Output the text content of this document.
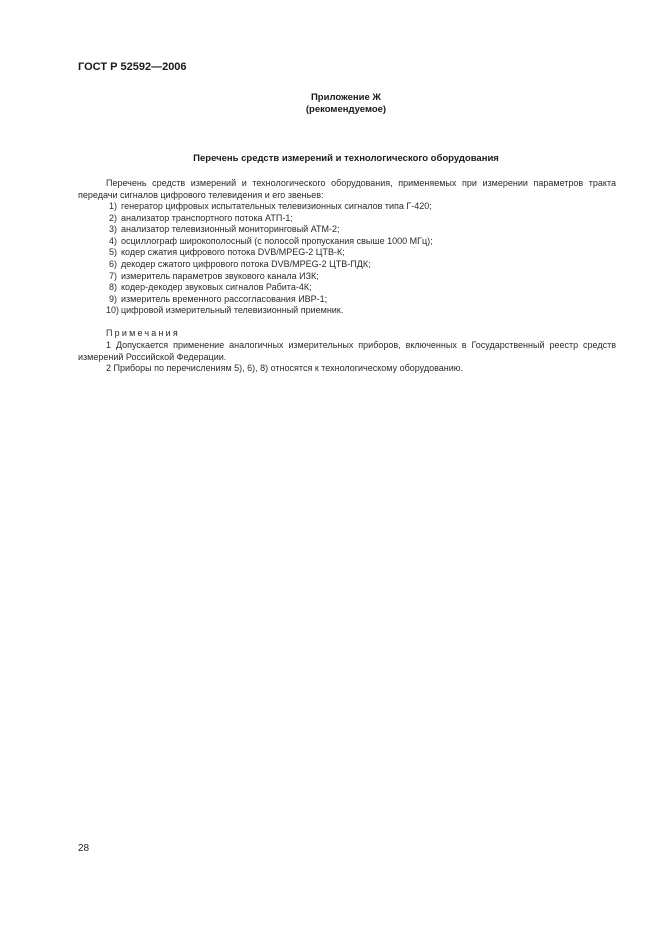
ГОСТ Р 52592—2006
Приложение Ж
(рекомендуемое)
Перечень средств измерений и технологического оборудования

Перечень средств измерений и технологического оборудования, применяемых при измерении параметров тракта передачи сигналов цифрового телевидения и его звеньев:

1) генератор цифровых испытательных телевизионных сигналов типа Г-420;
2) анализатор транспортного потока АТП-1;
3) анализатор телевизионный мониторинговый АТМ-2;
4) осциллограф широкополосный (с полосой пропускания свыше 1000 МГц);
5) кодер сжатия цифрового потока DVB/MPEG-2 ЦТВ-К;
6) декодер сжатого цифрового потока DVB/MPEG-2 ЦТВ-ПДК;
7) измеритель параметров звукового канала ИЗК;
8) кодер-декодер звуковых сигналов Рабита-4К;
9) измеритель временного рассогласования ИВР-1;
10) цифровой измерительный телевизионный приемник.
Примечания

1 Допускается применение аналогичных измерительных приборов, включенных в Государственный реестр средств измерений Российской Федерации.

2 Приборы по перечислениям 5), 6), 8) относятся к технологическому оборудованию.

28
